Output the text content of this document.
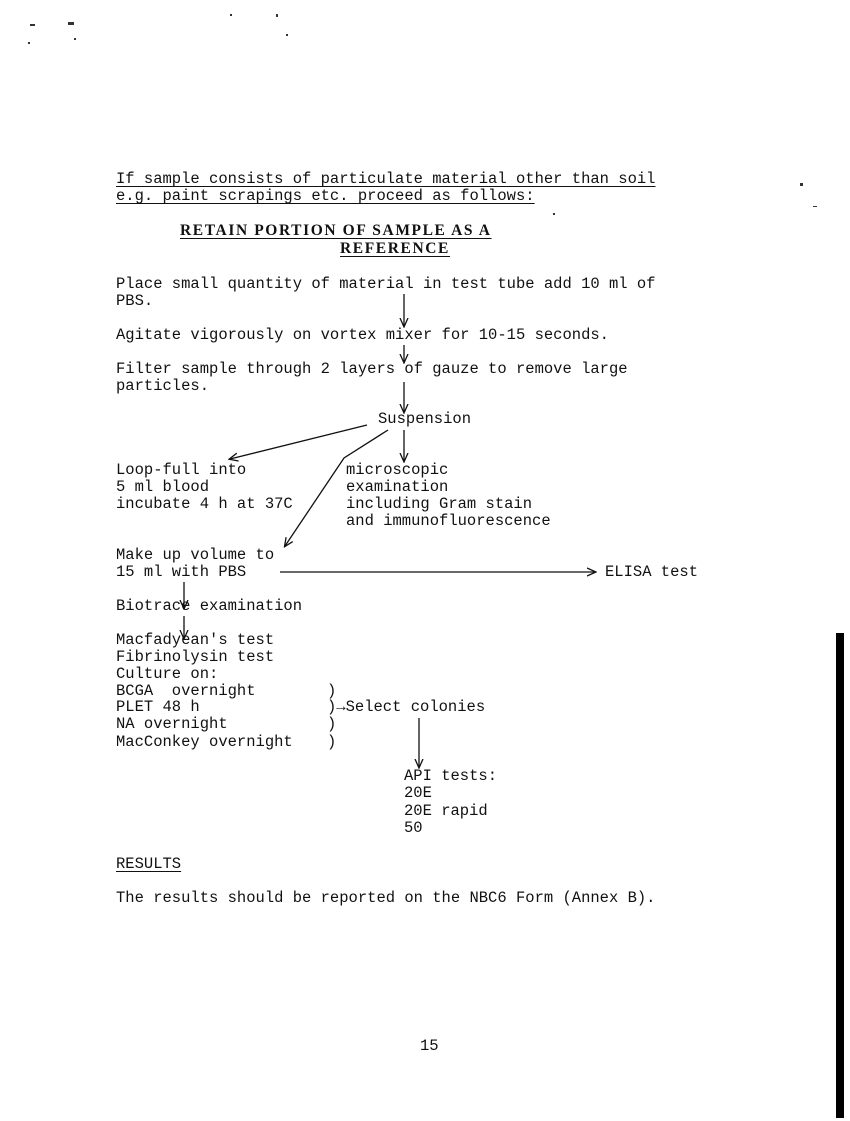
If sample consists of particulate material other than soil
e.g. paint scrapings etc. proceed as follows:
RETAIN PORTION OF SAMPLE AS A
REFERENCE
Place small quantity of material in test tube add 10 ml of
PBS.
Agitate vigorously on vortex mixer for 10-15 seconds.
Filter sample through 2 layers of gauze to remove large
particles.
Suspension
Loop-full into
5 ml blood
incubate 4 h at 37C
microscopic
examination
including Gram stain
and immunofluorescence
Make up volume to
15 ml with PBS	ELISA test
Biotrace examination
Macfadyean's test
Fibrinolysin test
Culture on:
BCGA  overnight	)
PLET 48 h	)→Select colonies
NA overnight	)
MacConkey overnight )
API tests:
20E
20E rapid
50
RESULTS
The results should be reported on the NBC6 Form (Annex B).
15
